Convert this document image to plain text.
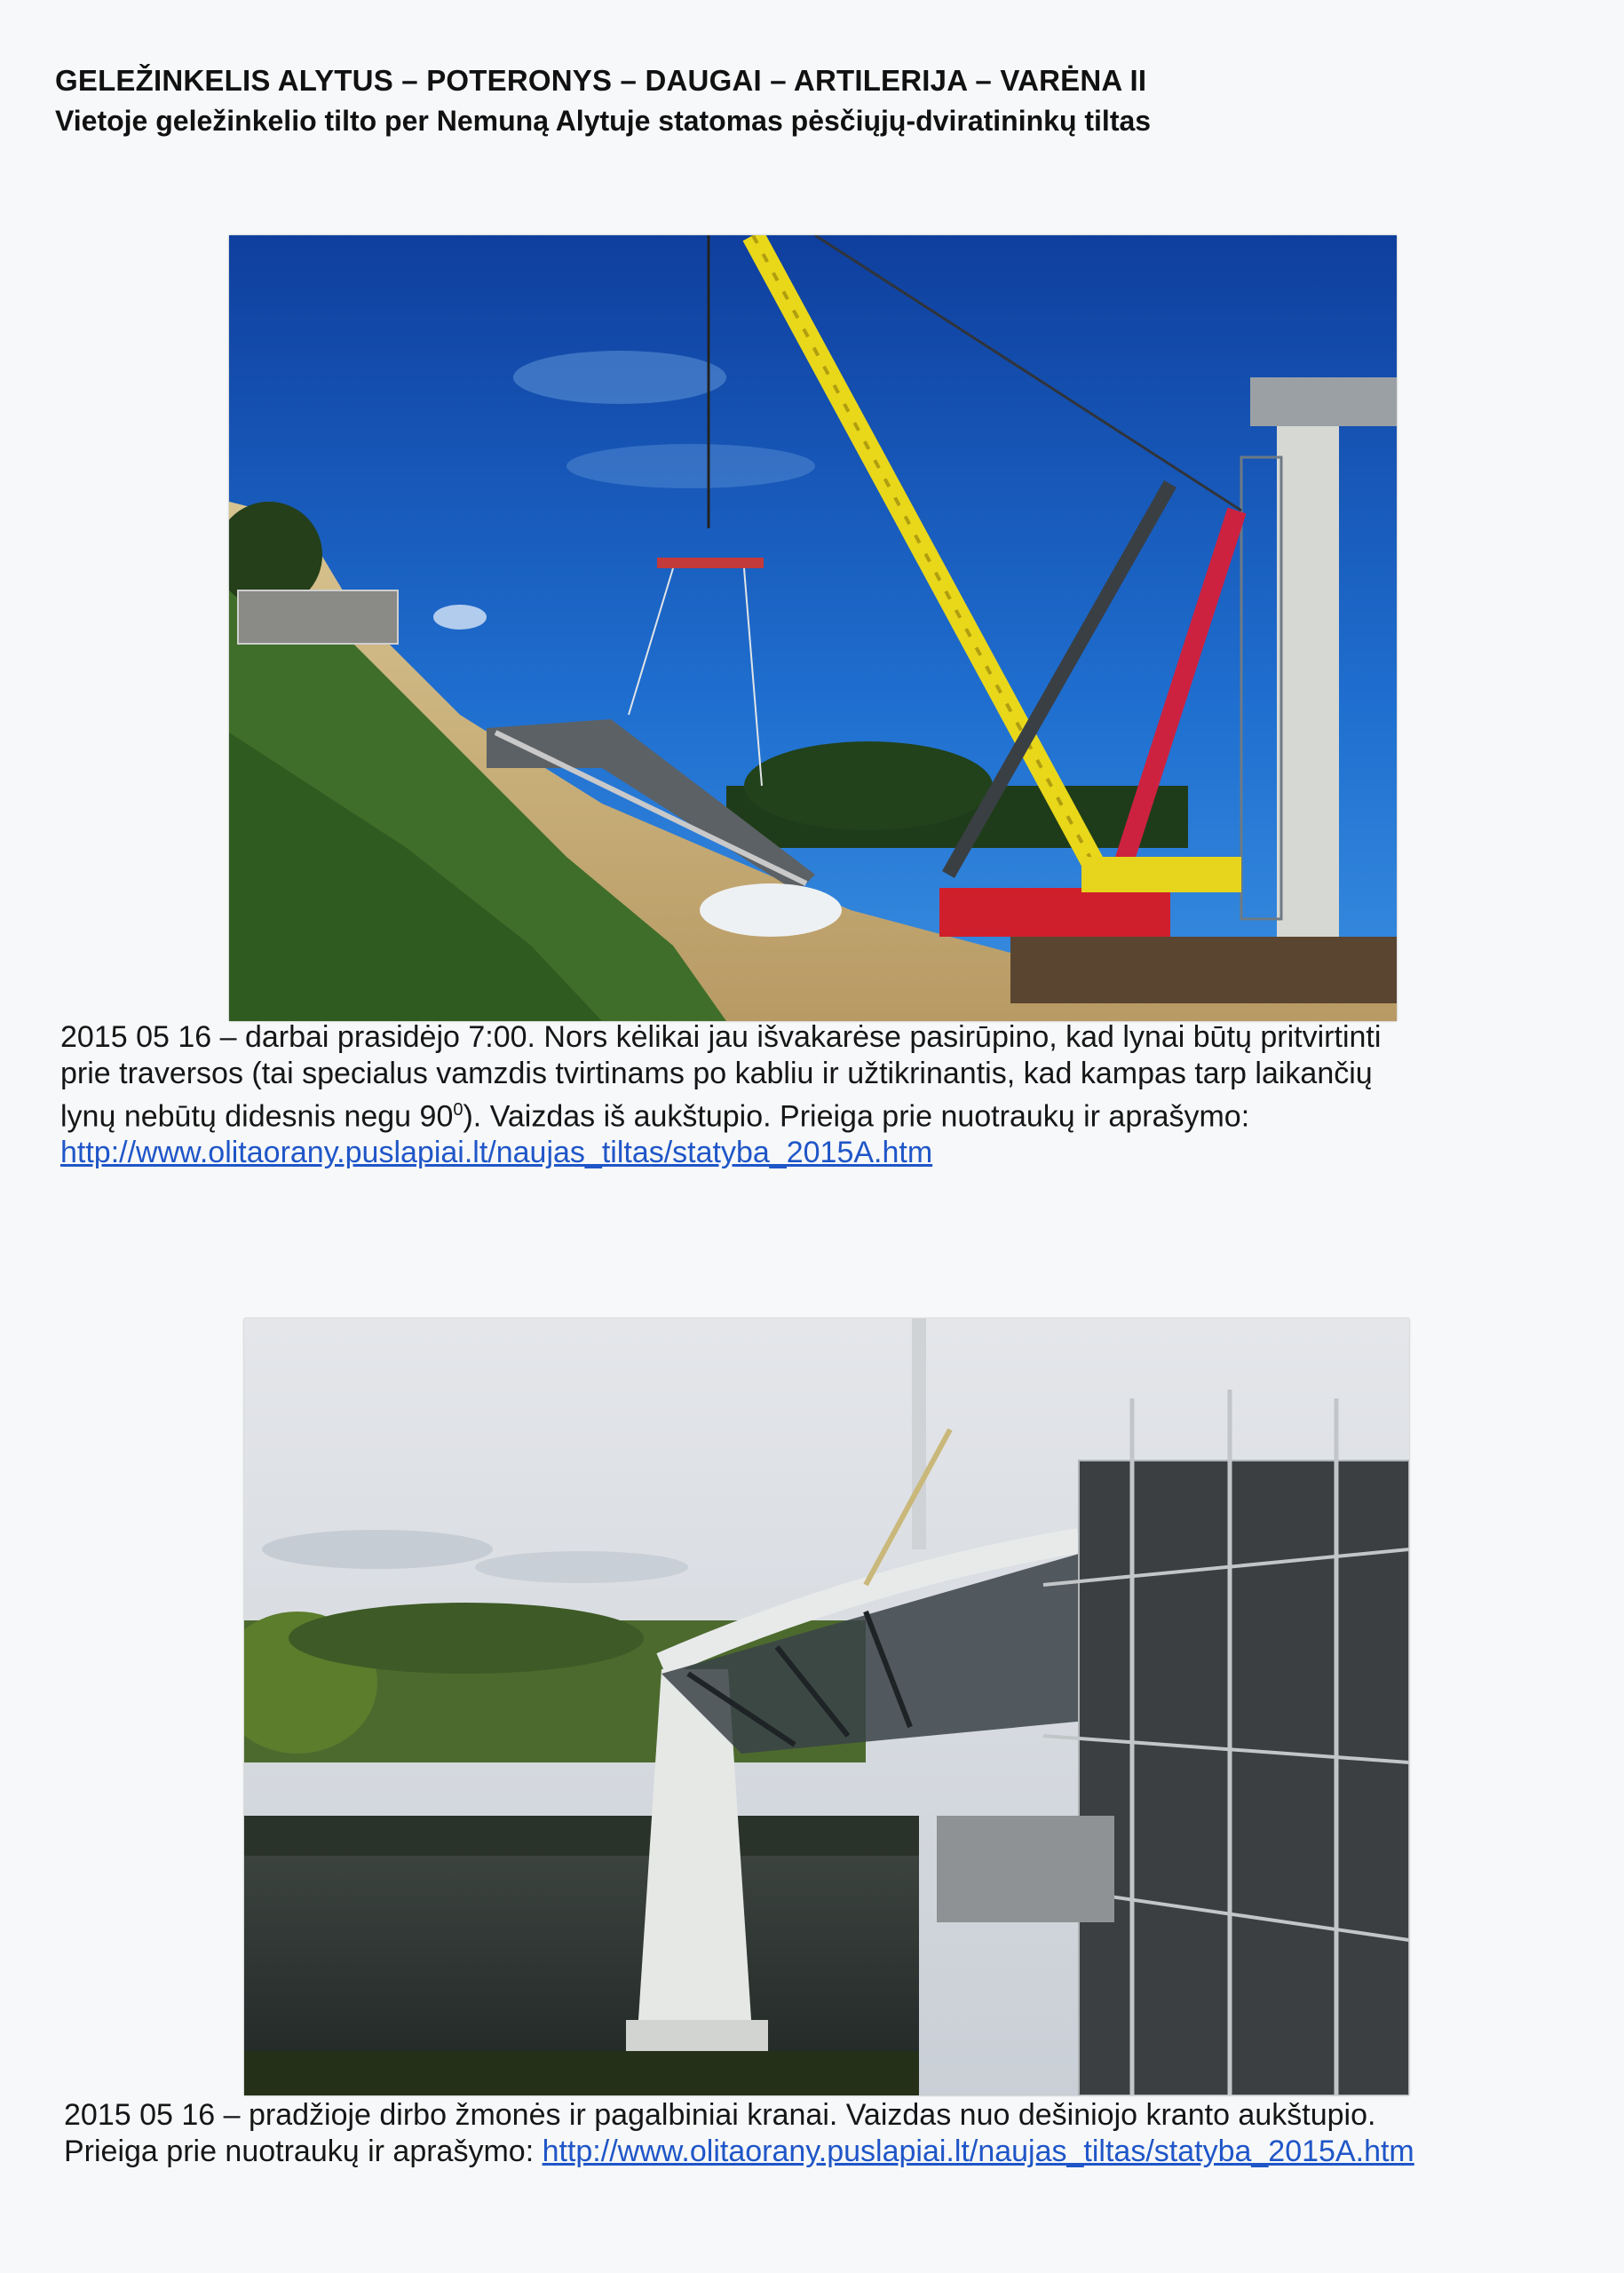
GELEŽINKELIS ALYTUS – POTERONYS – DAUGAI – ARTILERIJA – VARĖNA II
Vietoje geležinkelio tilto per Nemuną Alytuje statomas pėsčiųjų-dviratininkų tiltas
2015 05 16 – darbai prasidėjo 7:00. Nors kėlikai jau išvakarėse pasirūpino, kad lynai būtų pritvirtinti
prie traversos (tai specialus vamzdis tvirtinams po kabliu ir užtikrinantis, kad kampas tarp laikančių
lynų nebūtų didesnis negu $90^0$). Vaizdas iš aukštupio. Prieiga prie nuotraukų ir aprašymo:
http://www.olitaorany.puslapiai.lt/naujas_tiltas/statyba_2015A.htm
2015 05 16 – pradžioje dirbo žmonės ir pagalbiniai kranai. Vaizdas nuo dešiniojo kranto aukštupio.
Prieiga prie nuotraukų ir aprašymo: http://www.olitaorany.puslapiai.lt/naujas_tiltas/statyba_2015A.htm
